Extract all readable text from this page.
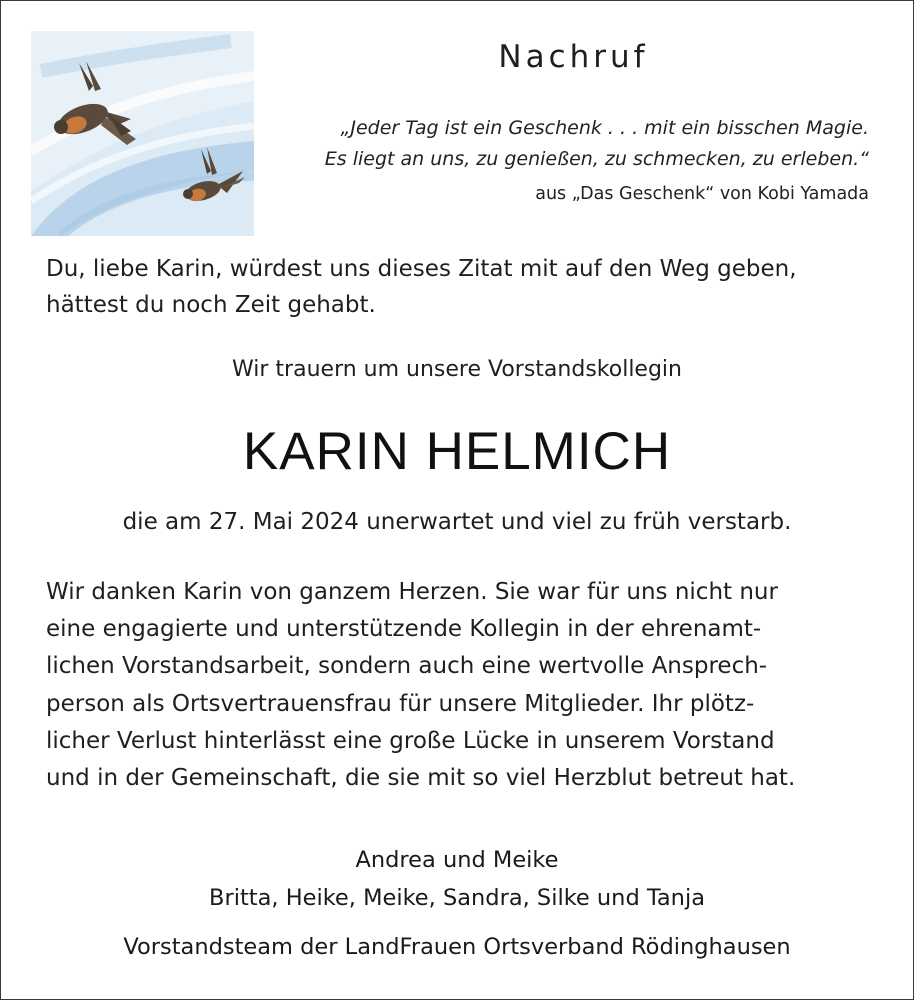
Nachruf
„Jeder Tag ist ein Geschenk . . . mit ein bisschen Magie.
Es liegt an uns, zu genießen, zu schmecken, zu erleben.“
aus „Das Geschenk“ von Kobi Yamada
Du, liebe Karin, würdest uns dieses Zitat mit auf den Weg geben,
hättest du noch Zeit gehabt.
Wir trauern um unsere Vorstandskollegin
KARIN HELMICH
die am 27. Mai 2024 unerwartet und viel zu früh verstarb.
Wir danken Karin von ganzem Herzen. Sie war für uns nicht nur
eine engagierte und unterstützende Kollegin in der ehrenamt-
lichen Vorstandsarbeit, sondern auch eine wertvolle Ansprech-
person als Ortsvertrauensfrau für unsere Mitglieder. Ihr plötz-
licher Verlust hinterlässt eine große Lücke in unserem Vorstand
und in der Gemeinschaft, die sie mit so viel Herzblut betreut hat.
Andrea und Meike
Britta, Heike, Meike, Sandra, Silke und Tanja
Vorstandsteam der LandFrauen Ortsverband Rödinghausen
